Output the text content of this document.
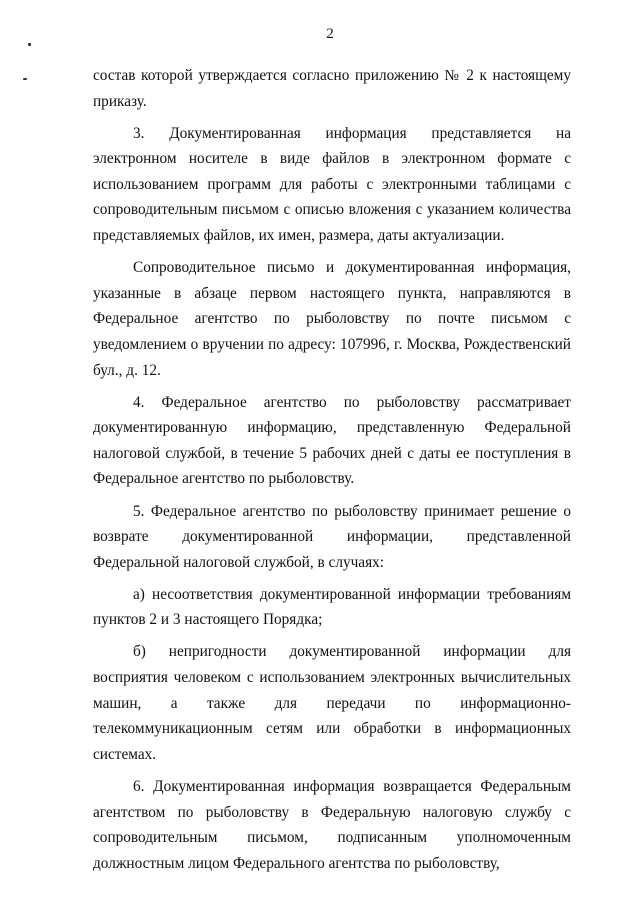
2

состав которой утверждается согласно приложению № 2 к настоящему приказу.

3. Документированная информация представляется на электронном носителе в виде файлов в электронном формате с использованием программ для работы с электронными таблицами с сопроводительным письмом с описью вложения с указанием количества представляемых файлов, их имен, размера, даты актуализации.

Сопроводительное письмо и документированная информация, указанные в абзаце первом настоящего пункта, направляются в Федеральное агентство по рыболовству по почте письмом с уведомлением о вручении по адресу: 107996, г. Москва, Рождественский бул., д. 12.

4. Федеральное агентство по рыболовству рассматривает документированную информацию, представленную Федеральной налоговой службой, в течение 5 рабочих дней с даты ее поступления в Федеральное агентство по рыболовству.

5. Федеральное агентство по рыболовству принимает решение о возврате документированной информации, представленной Федеральной налоговой службой, в случаях:

а) несоответствия документированной информации требованиям пунктов 2 и 3 настоящего Порядка;

б) непригодности документированной информации для восприятия человеком с использованием электронных вычислительных машин, а также для передачи по информационно-телекоммуникационным сетям или обработки в информационных системах.

6. Документированная информация возвращается Федеральным агентством по рыболовству в Федеральную налоговую службу с сопроводительным письмом, подписанным уполномоченным должностным лицом Федерального агентства по рыболовству,
